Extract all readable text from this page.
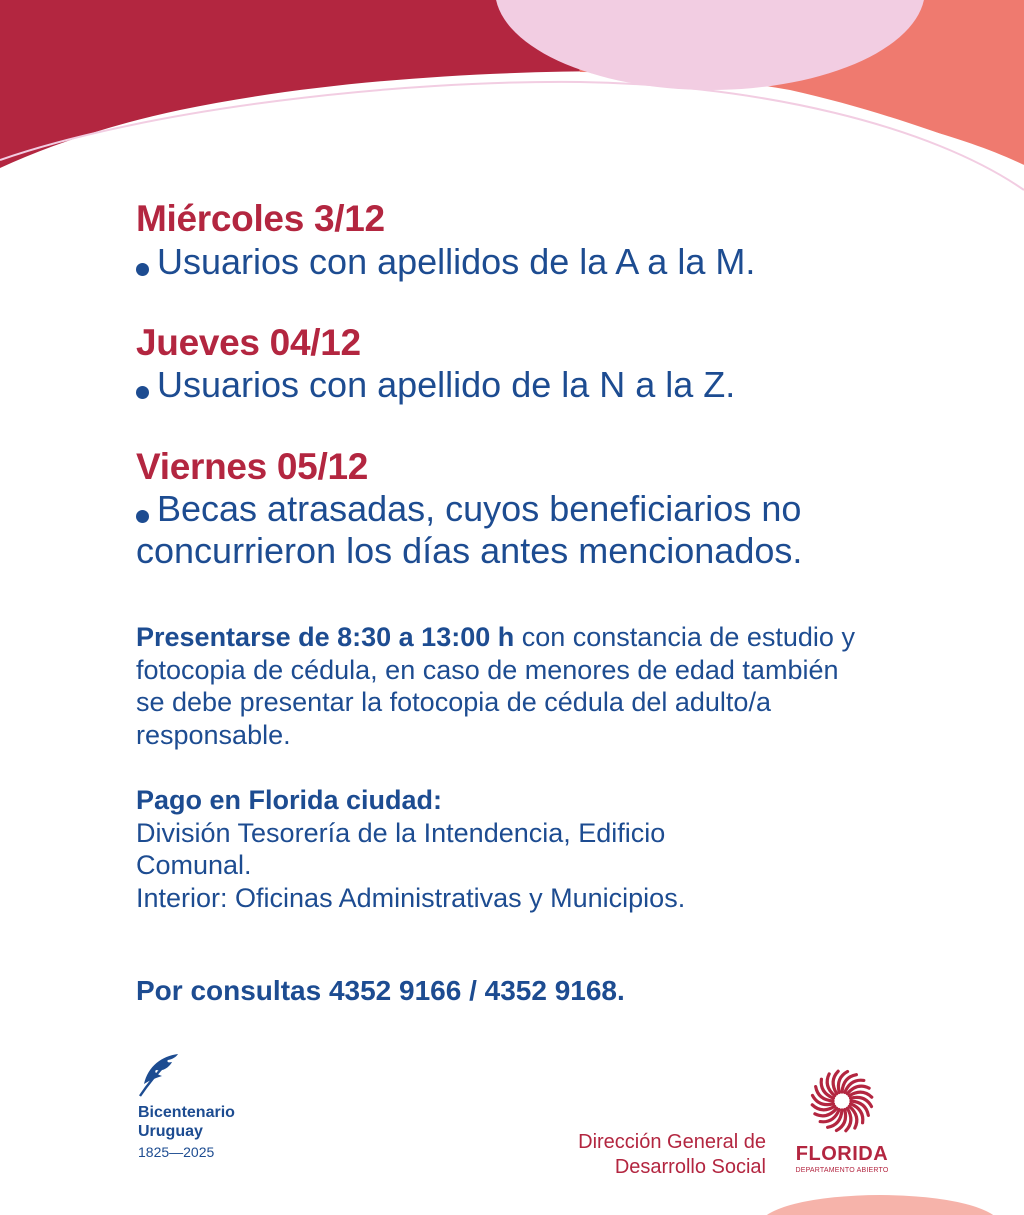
Miércoles 3/12
Usuarios con apellidos de la A a la M.
Jueves 04/12
Usuarios con apellido de la N a la Z.
Viernes 05/12
Becas atrasadas, cuyos beneficiarios no
concurrieron los días antes mencionados.
Presentarse de 8:30 a 13:00 h con constancia de estudio y fotocopia de cédula, en caso de menores de edad también se debe presentar la fotocopia de cédula del adulto/a responsable.
Pago en Florida ciudad:
División Tesorería de la Intendencia, Edificio Comunal.
Interior: Oficinas Administrativas y Municipios.
Por consultas 4352 9166 / 4352 9168.
Bicentenario
Uruguay
1825—2025	Dirección General de
Desarrollo Social
FLORIDA
DEPARTAMENTO ABIERTO
